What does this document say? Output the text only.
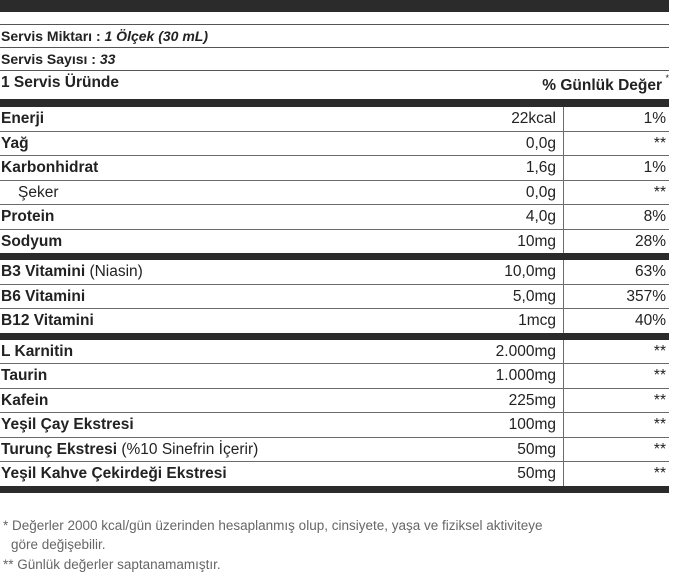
Servis Miktarı : 1 Ölçek (30 mL)
Servis Sayısı : 33
1 Servis Üründe	% Günlük Değer *
Enerji	22kcal	1%
Yağ	0,0g	**
Karbonhidrat	1,6g	1%
Şeker	0,0g	**
Protein	4,0g	8%
Sodyum	10mg	28%
B3 Vitamini (Niasin)	10,0mg	63%
B6 Vitamini	5,0mg	357%
B12 Vitamini	1mcg	40%
L Karnitin	2.000mg	**
Taurin	1.000mg	**
Kafein	225mg	**
Yeşil Çay Ekstresi	100mg	**
Turunç Ekstresi (%10 Sinefrin İçerir)	50mg	**
Yeşil Kahve Çekirdeği Ekstresi	50mg	**
* Değerler 2000 kcal/gün üzerinden hesaplanmış olup, cinsiyete, yaşa ve fiziksel aktiviteye
görе değişebilir.
** Günlük değerler saptanamamıştır.
